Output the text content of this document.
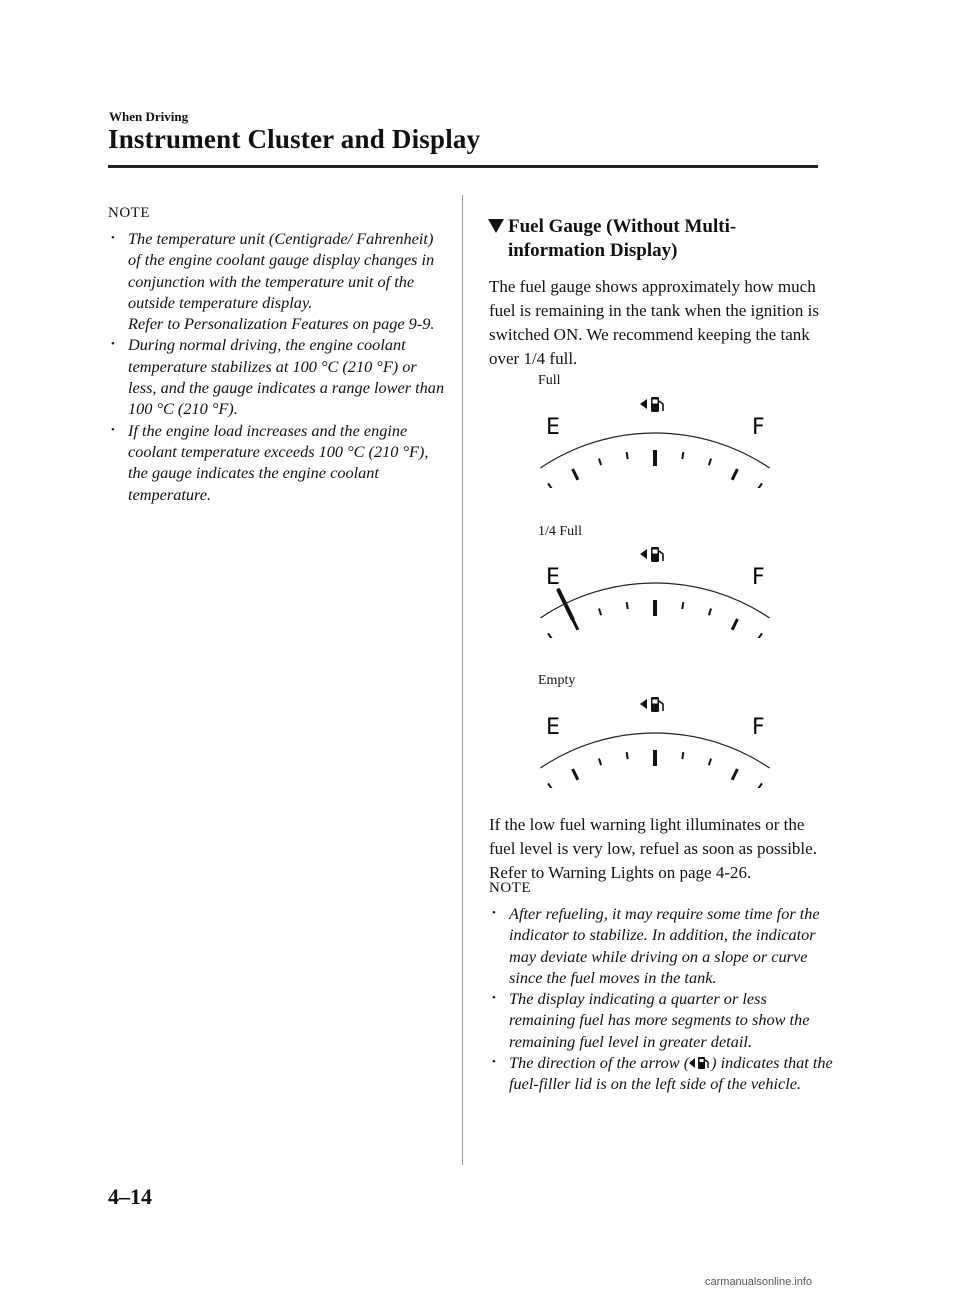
When Driving
Instrument Cluster and Display

NOTE

• The temperature unit (Centigrade/ Fahrenheit) of the engine coolant gauge display changes in conjunction with the temperature unit of the outside temperature display.
Refer to Personalization Features on page 9-9.
• During normal driving, the engine coolant temperature stabilizes at 100 °C (210 °F) or less, and the gauge indicates a range lower than 100 °C (210 °F).
• If the engine load increases and the engine coolant temperature exceeds 100 °C (210 °F), the gauge indicates the engine coolant temperature.
Fuel Gauge (Without Multi-information Display)

The fuel gauge shows approximately how much fuel is remaining in the tank when the ignition is switched ON. We recommend keeping the tank over 1/4 full.

Full
E	F
1/4 Full
E	F
Empty
E	F
If the low fuel warning light illuminates or the fuel level is very low, refuel as soon as possible.
Refer to Warning Lights on page 4-26.

NOTE

• After refueling, it may require some time for the indicator to stabilize. In addition, the indicator may deviate while driving on a slope or curve since the fuel moves in the tank.
• The display indicating a quarter or less remaining fuel has more segments to show the remaining fuel level in greater detail.
• The direction of the arrow ( ) indicates that the fuel-filler lid is on the left side of the vehicle.
4–14
carmanualsonline.info
